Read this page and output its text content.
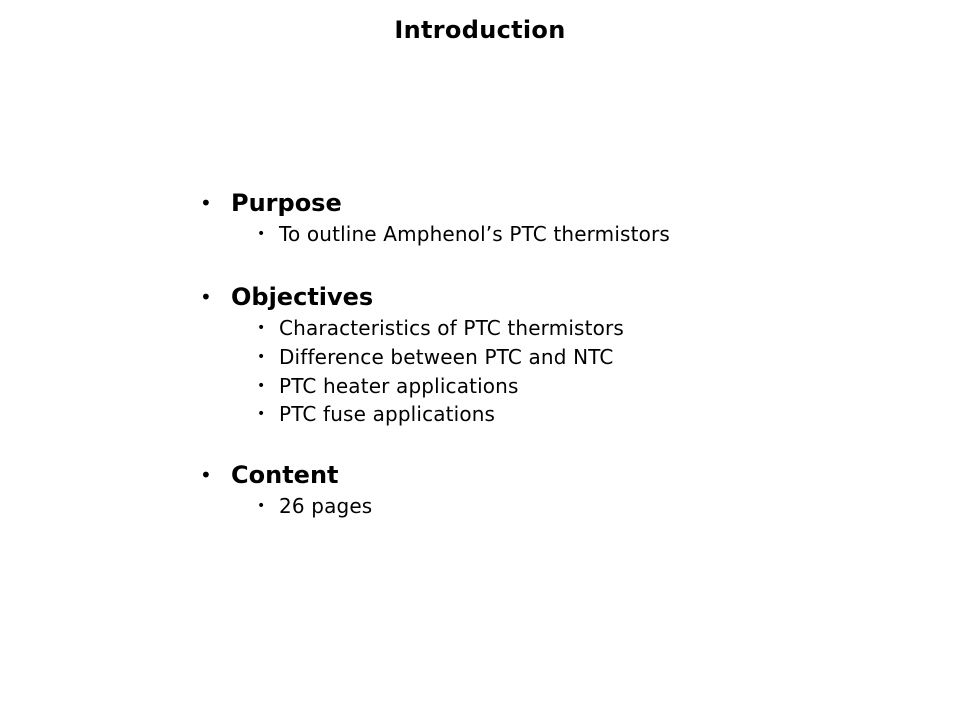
Introduction
• Purpose
• To outline Amphenol’s PTC thermistors
• Objectives
• Characteristics of PTC thermistors
• Difference between PTC and NTC
• PTC heater applications
• PTC fuse applications
• Content
• 26 pages
